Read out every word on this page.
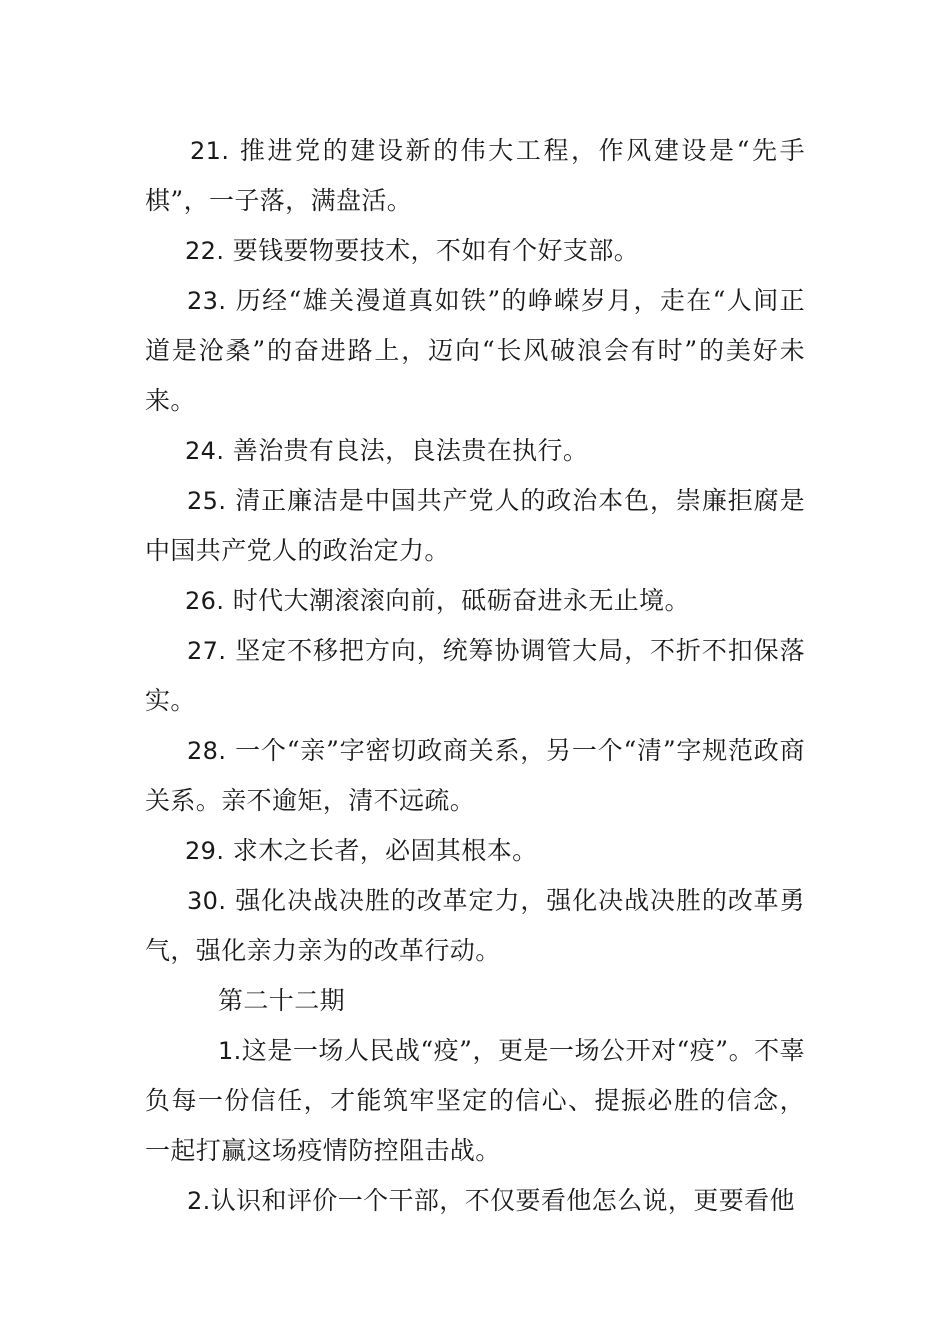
21. 推进党的建设新的伟大工程，作风建设是“先手棋”，一子落，满盘活。

22. 要钱要物要技术，不如有个好支部。

23. 历经“雄关漫道真如铁”的峥嵘岁月，走在“人间正道是沧桑”的奋进路上，迈向“长风破浪会有时”的美好未来。

24. 善治贵有良法，良法贵在执行。

25. 清正廉洁是中国共产党人的政治本色，崇廉拒腐是中国共产党人的政治定力。

26. 时代大潮滚滚向前，砥砺奋进永无止境。

27. 坚定不移把方向，统筹协调管大局，不折不扣保落实。

28. 一个“亲”字密切政商关系，另一个“清”字规范政商关系。亲不逾矩，清不远疏。

29. 求木之长者，必固其根本。

30. 强化决战决胜的改革定力，强化决战决胜的改革勇气，强化亲力亲为的改革行动。

第二十二期

1.这是一场人民战“疫”，更是一场公开对“疫”。不辜负每一份信任，才能筑牢坚定的信心、提振必胜的信念，一起打赢这场疫情防控阻击战。

2.认识和评价一个干部，不仅要看他怎么说，更要看他
